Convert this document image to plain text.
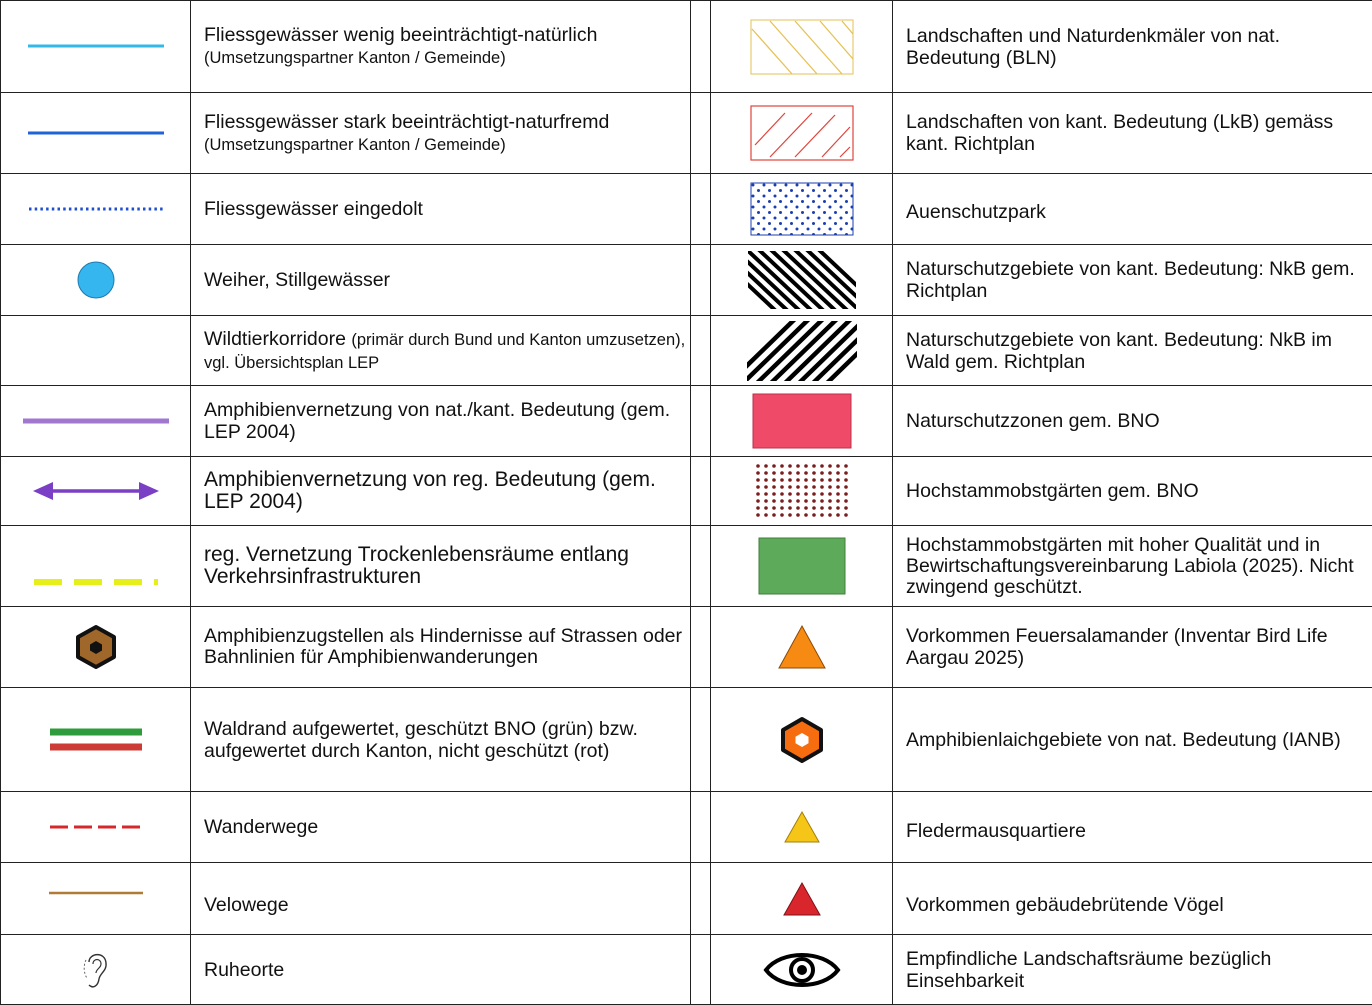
	Fliessgewässer wenig beeinträchtigt-natürlich (Umsetzungspartner Kanton / Gemeinde)			Landschaften und Naturdenkmäler von nat. Bedeutung (BLN)
	Fliessgewässer stark beeinträchtigt-naturfremd (Umsetzungspartner Kanton / Gemeinde)			Landschaften von kant. Bedeutung (LkB) gemäss kant. Richtplan
	Fliessgewässer eingedolt			Auenschutzpark
	Weiher, Stillgewässer			Naturschutzgebiete von kant. Bedeutung: NkB gem. Richtplan
	Wildtierkorridore (primär durch Bund und Kanton umzusetzen), vgl. Übersichtsplan LEP			Naturschutzgebiete von kant. Bedeutung: NkB im Wald gem. Richtplan
	Amphibienvernetzung von nat./kant. Bedeutung (gem. LEP 2004)			Naturschutzzonen gem. BNO
	Amphibienvernetzung von reg. Bedeutung (gem. LEP 2004)			Hochstammobstgärten gem. BNO
	reg. Vernetzung Trockenlebensräume entlang Verkehrsinfrastrukturen			Hochstammobstgärten mit hoher Qualität und in Bewirtschaftungsvereinbarung Labiola (2025). Nicht zwingend geschützt.
	Amphibienzugstellen als Hindernisse auf Strassen oder Bahnlinien für Amphibienwanderungen			Vorkommen Feuersalamander (Inventar Bird Life Aargau 2025)
	Waldrand aufgewertet, geschützt BNO (grün) bzw. aufgewertet durch Kanton, nicht geschützt (rot)			Amphibienlaichgebiete von nat. Bedeutung (IANB)
	Wanderwege			Fledermausquartiere
	Velowege			Vorkommen gebäudebrütende Vögel
	Ruheorte			Empfindliche Landschaftsräume bezüglich Einsehbarkeit
